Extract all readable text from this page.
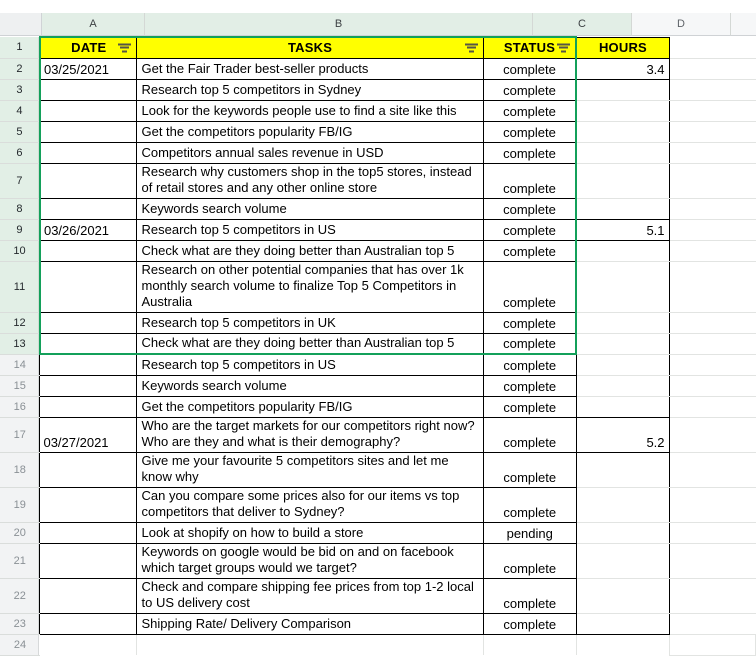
A	B	C	D
1	DATE	TASKS	STATUS	HOURS	
2	03/25/2021	Get the Fair Trader best-seller products	complete	3.4	
3		Research top 5 competitors in Sydney	complete		
4		Look for the keywords people use to find a site like this	complete		
5		Get the competitors popularity FB/IG	complete		
6		Competitors annual sales revenue in USD	complete		
7		Research why customers shop in the top5 stores, instead of retail stores and any other online store	complete		
8		Keywords search volume	complete		
9	03/26/2021	Research top 5 competitors in US	complete	5.1	
10		Check what are they doing better than Australian top 5	complete		
11		Research on other potential companies that has over 1k monthly search volume to finalize Top 5 Competitors in Australia	complete		
12		Research top 5 competitors in UK	complete		
13		Check what are they doing better than Australian top 5	complete		
14		Research top 5 competitors in US	complete		
15		Keywords search volume	complete		
16		Get the competitors popularity FB/IG	complete		
17	03/27/2021	Who are the target markets for our competitors right now? Who are they and what is their demography?	complete	5.2	
18		Give me your favourite 5 competitors sites and let me know why	complete		
19		Can you compare some prices also for our items vs top competitors that deliver to Sydney?	complete		
20		Look at shopify on how to build a store	pending		
21		Keywords on google would be bid on and on facebook which target groups would we target?	complete		
22		Check and compare shipping fee prices from top 1-2 local to US delivery cost	complete		
23		Shipping Rate/ Delivery Comparison	complete		
24					
